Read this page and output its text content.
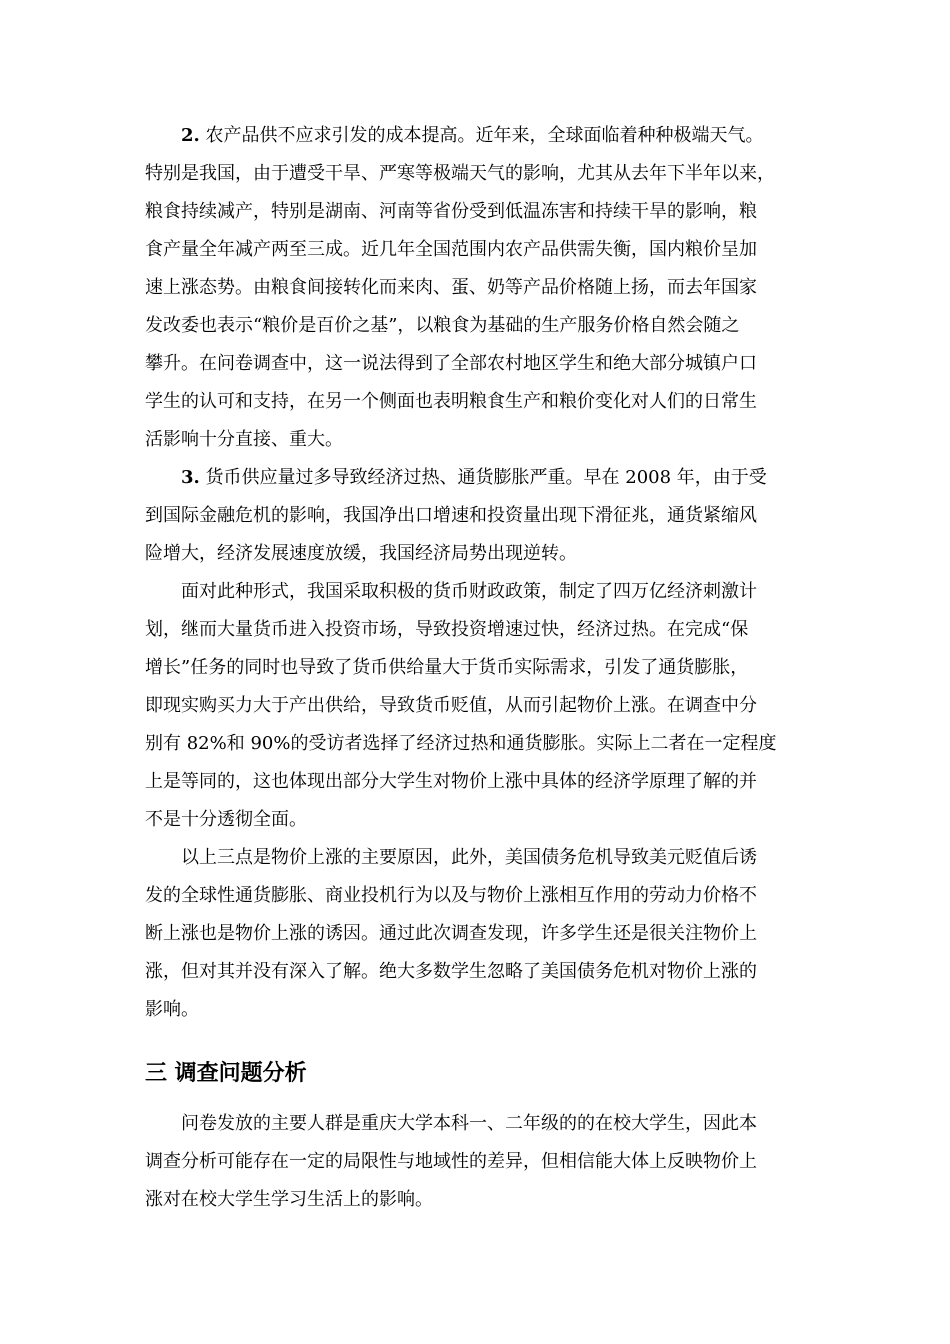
2. 农产品供不应求引发的成本提高。近年来，全球面临着种种极端天气。
特别是我国，由于遭受干旱、严寒等极端天气的影响，尤其从去年下半年以来，
粮食持续减产，特别是湖南、河南等省份受到低温冻害和持续干旱的影响，粮
食产量全年减产两至三成。近几年全国范围内农产品供需失衡，国内粮价呈加
速上涨态势。由粮食间接转化而来肉、蛋、奶等产品价格随上扬，而去年国家
发改委也表示“粮价是百价之基”，以粮食为基础的生产服务价格自然会随之
攀升。在问卷调查中，这一说法得到了全部农村地区学生和绝大部分城镇户口
学生的认可和支持，在另一个侧面也表明粮食生产和粮价变化对人们的日常生
活影响十分直接、重大。
3. 货币供应量过多导致经济过热、通货膨胀严重。早在 2008 年，由于受
到国际金融危机的影响，我国净出口增速和投资量出现下滑征兆，通货紧缩风
险增大，经济发展速度放缓，我国经济局势出现逆转。
面对此种形式，我国采取积极的货币财政政策，制定了四万亿经济刺激计
划，继而大量货币进入投资市场，导致投资增速过快，经济过热。在完成“保
增长”任务的同时也导致了货币供给量大于货币实际需求，引发了通货膨胀，
即现实购买力大于产出供给，导致货币贬值，从而引起物价上涨。在调查中分
别有 82%和 90%的受访者选择了经济过热和通货膨胀。实际上二者在一定程度
上是等同的，这也体现出部分大学生对物价上涨中具体的经济学原理了解的并
不是十分透彻全面。
以上三点是物价上涨的主要原因，此外，美国债务危机导致美元贬值后诱
发的全球性通货膨胀、商业投机行为以及与物价上涨相互作用的劳动力价格不
断上涨也是物价上涨的诱因。通过此次调查发现，许多学生还是很关注物价上
涨，但对其并没有深入了解。绝大多数学生忽略了美国债务危机对物价上涨的
影响。
三 调查问题分析
问卷发放的主要人群是重庆大学本科一、二年级的的在校大学生，因此本
调查分析可能存在一定的局限性与地域性的差异，但相信能大体上反映物价上
涨对在校大学生学习生活上的影响。
